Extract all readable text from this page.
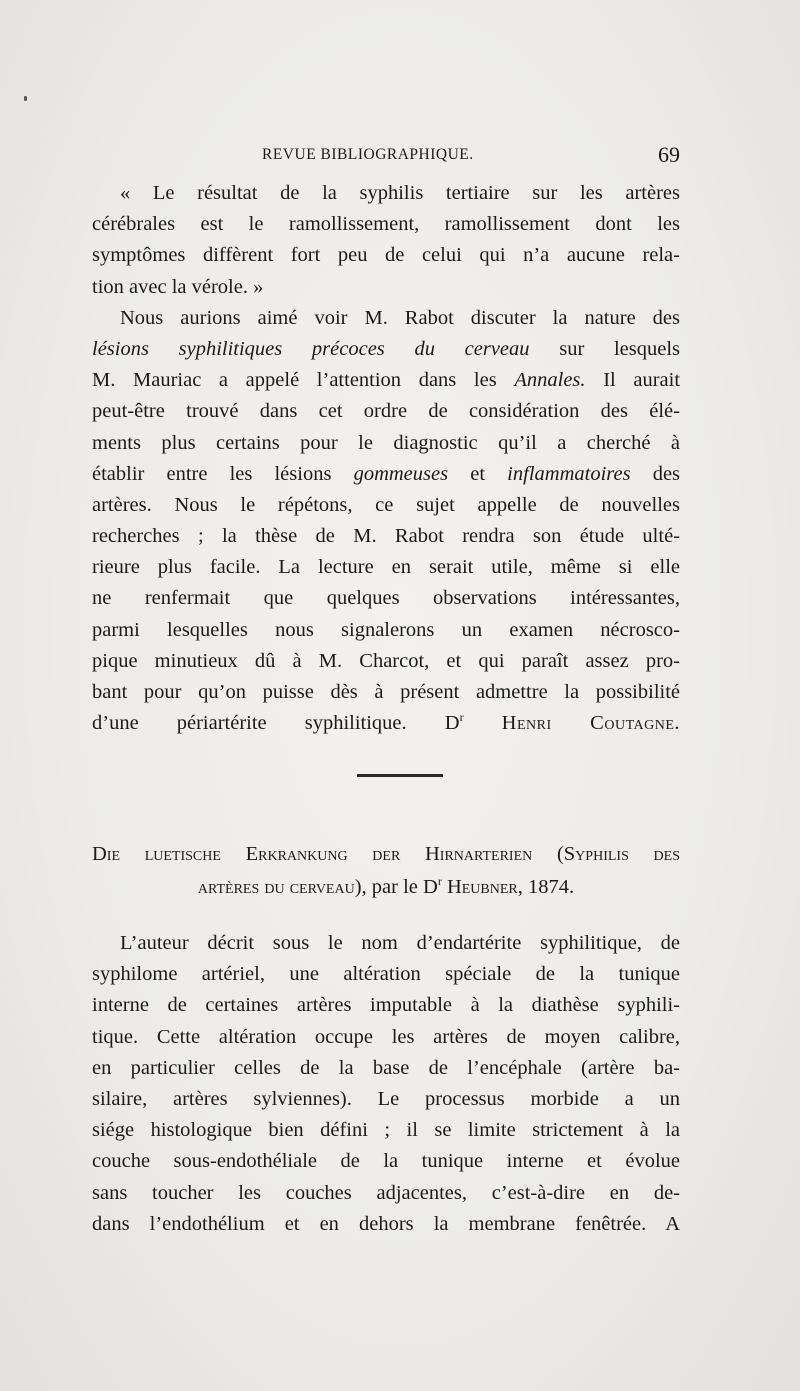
REVUE BIBLIOGRAPHIQUE.	69
« Le résultat de la syphilis tertiaire sur les artères
cérébrales est le ramollissement, ramollissement dont les
symptômes diffèrent fort peu de celui qui n’a aucune rela-
tion avec la vérole. »
Nous aurions aimé voir M. Rabot discuter la nature des
lésions syphilitiques précoces du cerveau sur lesquels
M. Mauriac a appelé l’attention dans les Annales. Il aurait
peut-être trouvé dans cet ordre de considération des élé-
ments plus certains pour le diagnostic qu’il a cherché à
établir entre les lésions gommeuses et inflammatoires des
artères. Nous le répétons, ce sujet appelle de nouvelles
recherches ; la thèse de M. Rabot rendra son étude ulté-
rieure plus facile. La lecture en serait utile, même si elle
ne renfermait que quelques observations intéressantes,
parmi lesquelles nous signalerons un examen nécrosco-
pique minutieux dû à M. Charcot, et qui paraît assez pro-
bant pour qu’on puisse dès à présent admettre la possibilité
d’une périartérite syphilitique. $D^r$ Henri Coutagne.
Die luetische Erkrankung der Hirnarterien (Syphilis des
artères du cerveau), par le $D^r$ Heubner, 1874.
L’auteur décrit sous le nom d’endartérite syphilitique, de
syphilome artériel, une altération spéciale de la tunique
interne de certaines artères imputable à la diathèse syphili-
tique. Cette altération occupe les artères de moyen calibre,
en particulier celles de la base de l’encéphale (artère ba-
silaire, artères sylviennes). Le processus morbide a un
siége histologique bien défini ; il se limite strictement à la
couche sous-endothéliale de la tunique interne et évolue
sans toucher les couches adjacentes, c’est-à-dire en de-
dans l’endothélium et en dehors la membrane fenêtrée. A
